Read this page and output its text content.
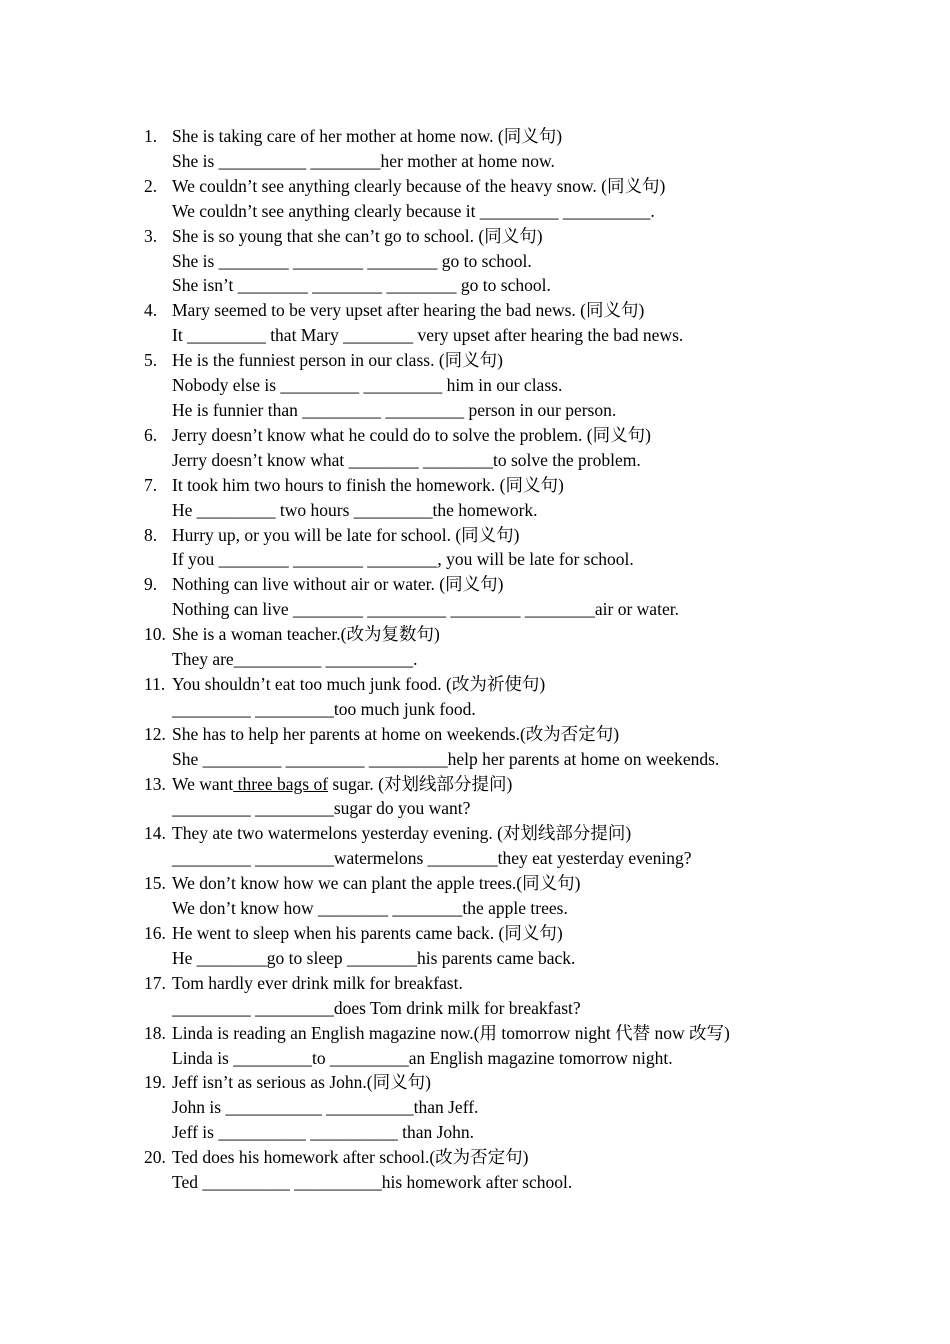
1. She is taking care of her mother at home now. (同义句)
She is __________ ________her mother at home now.
2. We couldn’t see anything clearly because of the heavy snow. (同义句)
We couldn’t see anything clearly because it _________ __________.
3. She is so young that she can’t go to school. (同义句)
She is ________ ________ ________ go to school.
She isn’t ________ ________ ________ go to school.
4. Mary seemed to be very upset after hearing the bad news. (同义句)
It _________ that Mary ________ very upset after hearing the bad news.
5. He is the funniest person in our class. (同义句)
Nobody else is _________ _________ him in our class.
He is funnier than _________ _________ person in our person.
6. Jerry doesn’t know what he could do to solve the problem. (同义句)
Jerry doesn’t know what ________ ________to solve the problem.
7. It took him two hours to finish the homework. (同义句)
He _________ two hours _________the homework.
8. Hurry up, or you will be late for school. (同义句)
If you ________ ________ ________, you will be late for school.
9. Nothing can live without air or water. (同义句)
Nothing can live ________ _________ ________ ________air or water.
10. She is a woman teacher.(改为复数句)
They are__________ __________.
11. You shouldn’t eat too much junk food. (改为祈使句)
_________ _________too much junk food.
12. She has to help her parents at home on weekends.(改为否定句)
She _________ _________ _________help her parents at home on weekends.
13. We want three bags of sugar. (对划线部分提问)
_________ _________sugar do you want?
14. They ate two watermelons yesterday evening. (对划线部分提问)
_________ _________watermelons ________they eat yesterday evening?
15. We don’t know how we can plant the apple trees.(同义句)
We don’t know how ________ ________the apple trees.
16. He went to sleep when his parents came back. (同义句)
He ________go to sleep ________his parents came back.
17. Tom hardly ever drink milk for breakfast.
_________ _________does Tom drink milk for breakfast?
18. Linda is reading an English magazine now.(用 tomorrow night 代替 now 改写)
Linda is _________to _________an English magazine tomorrow night.
19. Jeff isn’t as serious as John.(同义句)
John is ___________ __________than Jeff.
Jeff is __________ __________ than John.
20. Ted does his homework after school.(改为否定句)
Ted __________ __________his homework after school.
